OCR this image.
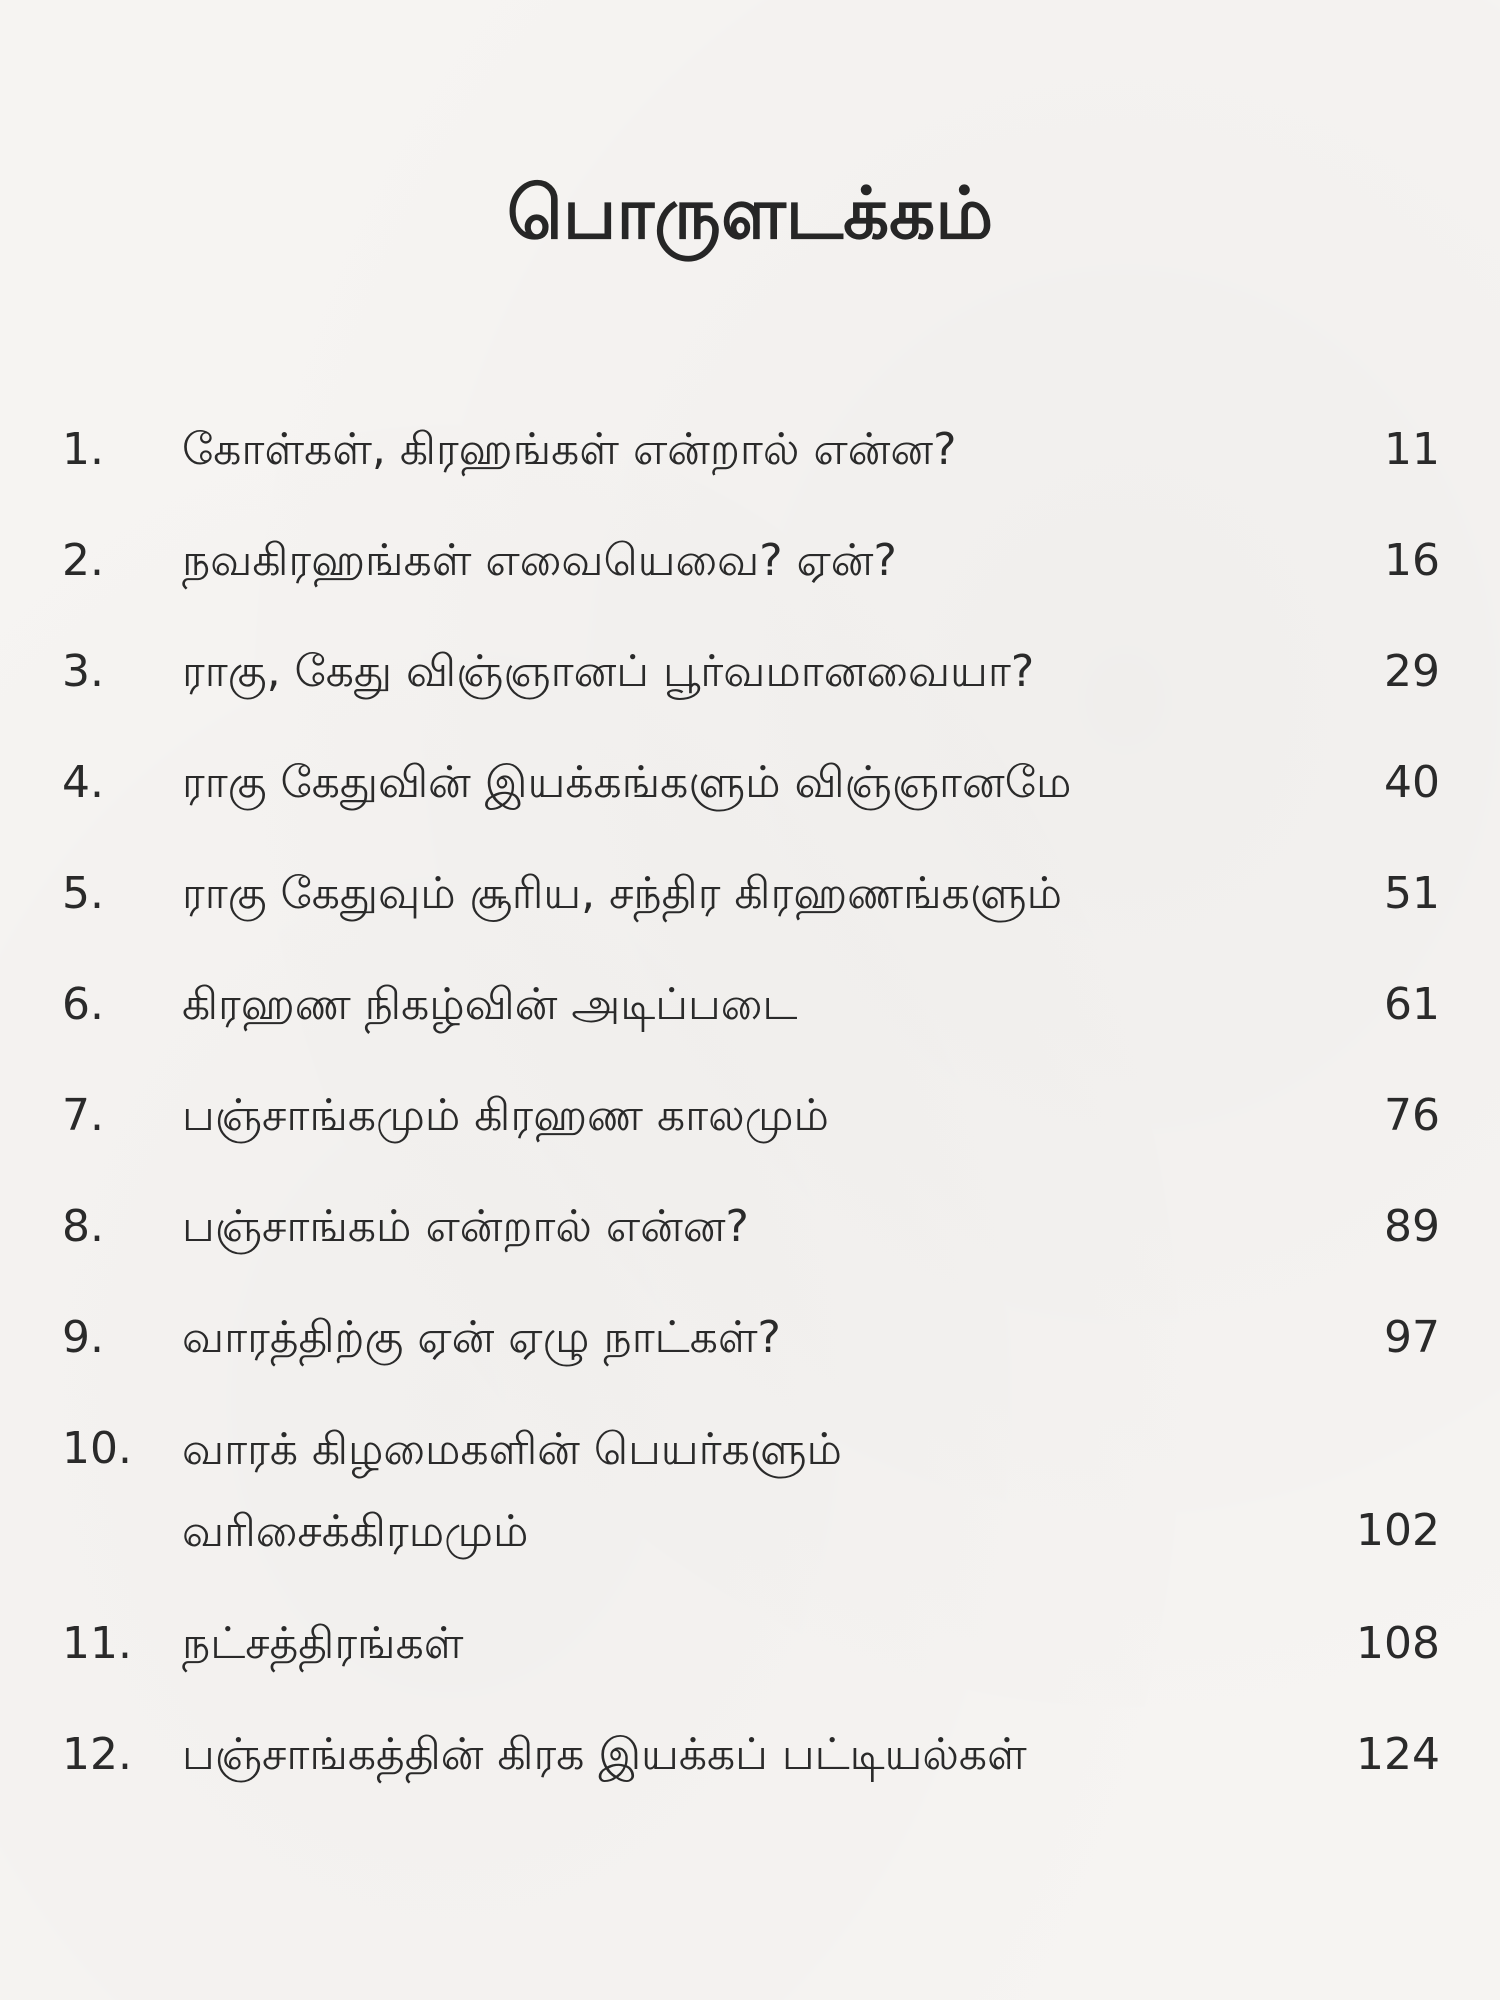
பொருளடக்கம்
1.	கோள்கள், கிரஹங்கள் என்றால் என்ன?	11
2.	நவகிரஹங்கள் எவையெவை? ஏன்?	16
3.	ராகு, கேது விஞ்ஞானப் பூர்வமானவையா?	29
4.	ராகு கேதுவின் இயக்கங்களும் விஞ்ஞானமே	40
5.	ராகு கேதுவும் சூரிய, சந்திர கிரஹணங்களும்	51
6.	கிரஹண நிகழ்வின் அடிப்படை	61
7.	பஞ்சாங்கமும் கிரஹண காலமும்	76
8.	பஞ்சாங்கம் என்றால் என்ன?	89
9.	வாரத்திற்கு ஏன் ஏழு நாட்கள்?	97
10.	வாரக் கிழமைகளின் பெயர்களும்
வரிசைக்கிரமமும்	102
11.	நட்சத்திரங்கள்	108
12.	பஞ்சாங்கத்தின் கிரக இயக்கப் பட்டியல்கள்	124
